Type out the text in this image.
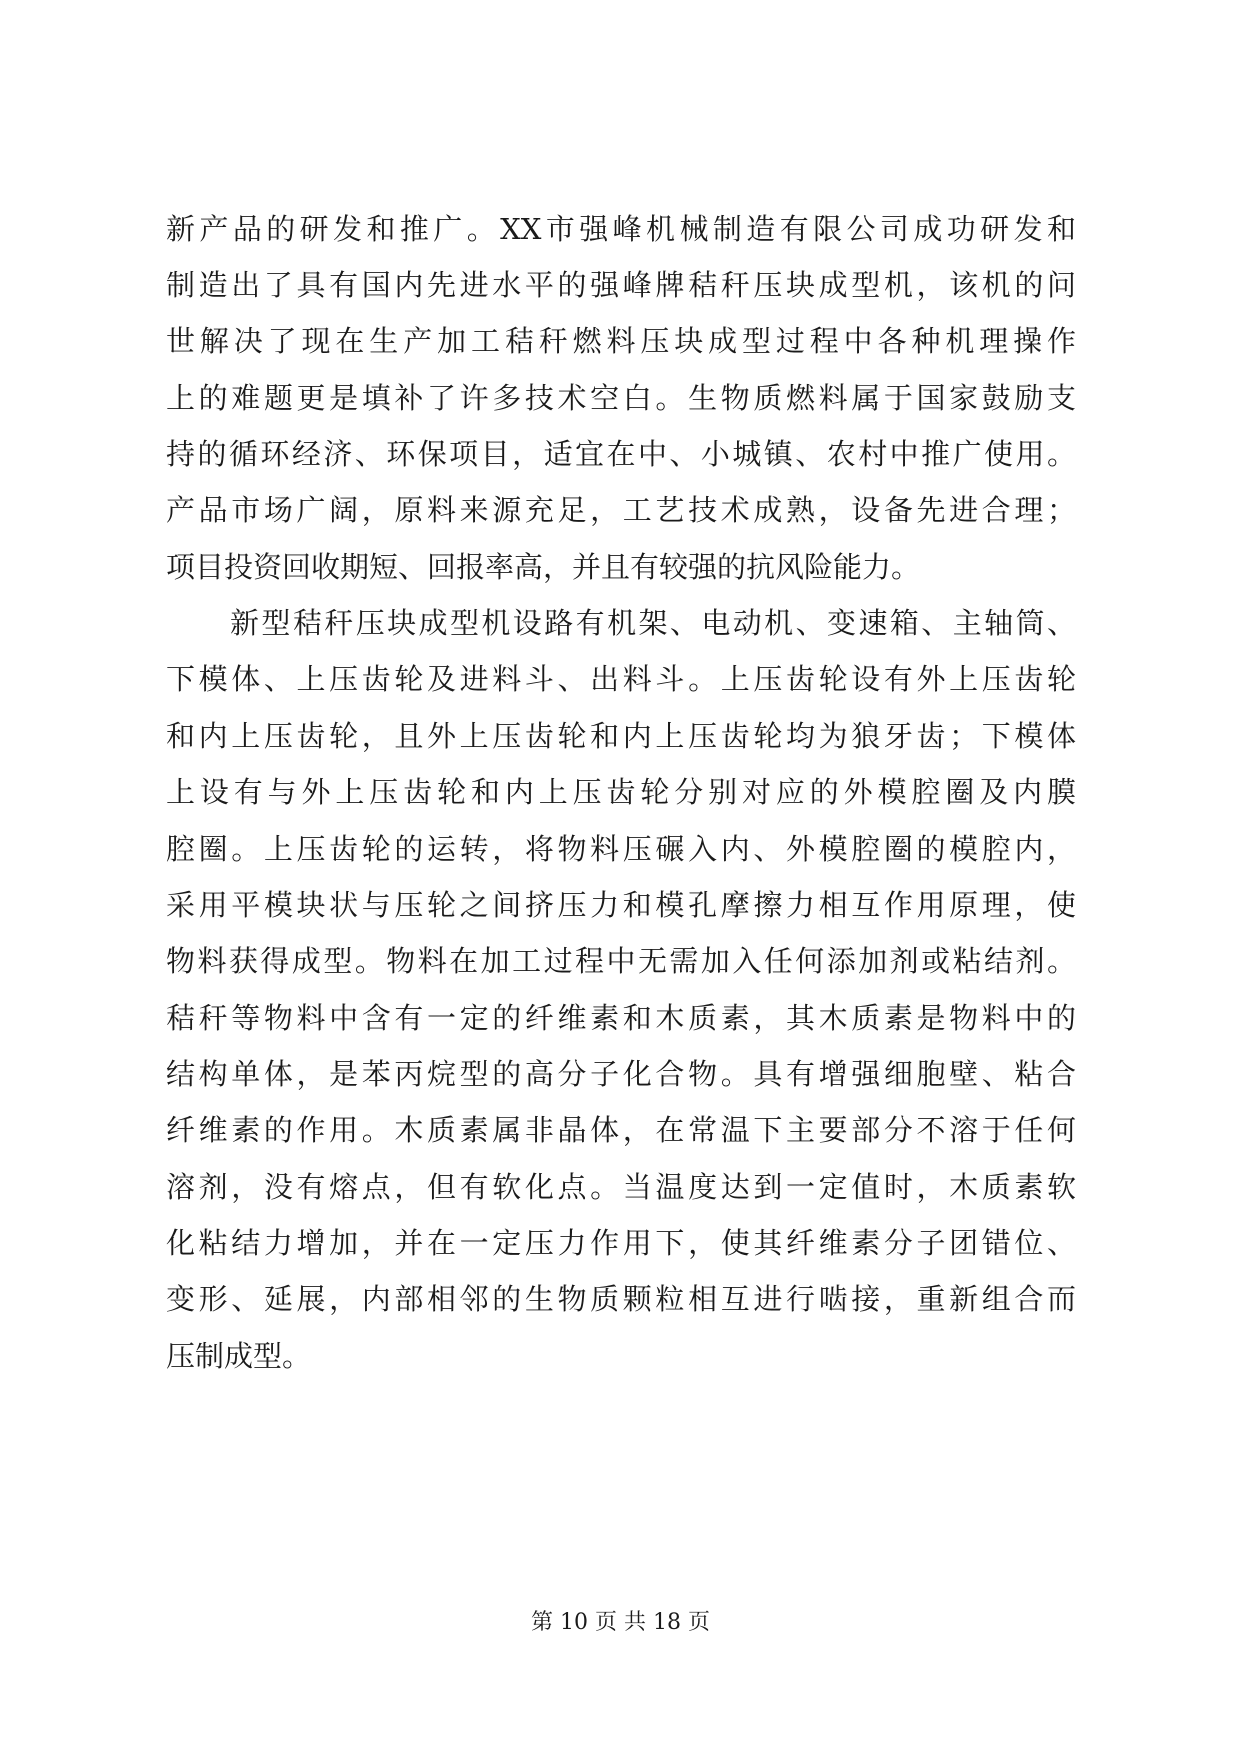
新产品的研发和推广。XX市强峰机械制造有限公司成功研发和
制造出了具有国内先进水平的强峰牌秸秆压块成型机，该机的问
世解决了现在生产加工秸秆燃料压块成型过程中各种机理操作
上的难题更是填补了许多技术空白。生物质燃料属于国家鼓励支
持的循环经济、环保项目，适宜在中、小城镇、农村中推广使用。
产品市场广阔，原料来源充足，工艺技术成熟，设备先进合理；
项目投资回收期短、回报率高，并且有较强的抗风险能力。
新型秸秆压块成型机设路有机架、电动机、变速箱、主轴筒、
下模体、上压齿轮及进料斗、出料斗。上压齿轮设有外上压齿轮
和内上压齿轮，且外上压齿轮和内上压齿轮均为狼牙齿；下模体
上设有与外上压齿轮和内上压齿轮分别对应的外模腔圈及内膜
腔圈。上压齿轮的运转，将物料压碾入内、外模腔圈的模腔内，
采用平模块状与压轮之间挤压力和模孔摩擦力相互作用原理，使
物料获得成型。物料在加工过程中无需加入任何添加剂或粘结剂。
秸秆等物料中含有一定的纤维素和木质素，其木质素是物料中的
结构单体，是苯丙烷型的高分子化合物。具有增强细胞壁、粘合
纤维素的作用。木质素属非晶体，在常温下主要部分不溶于任何
溶剂，没有熔点，但有软化点。当温度达到一定值时，木质素软
化粘结力增加，并在一定压力作用下，使其纤维素分子团错位、
变形、延展，内部相邻的生物质颗粒相互进行啮接，重新组合而
压制成型。
第 10 页 共 18 页
